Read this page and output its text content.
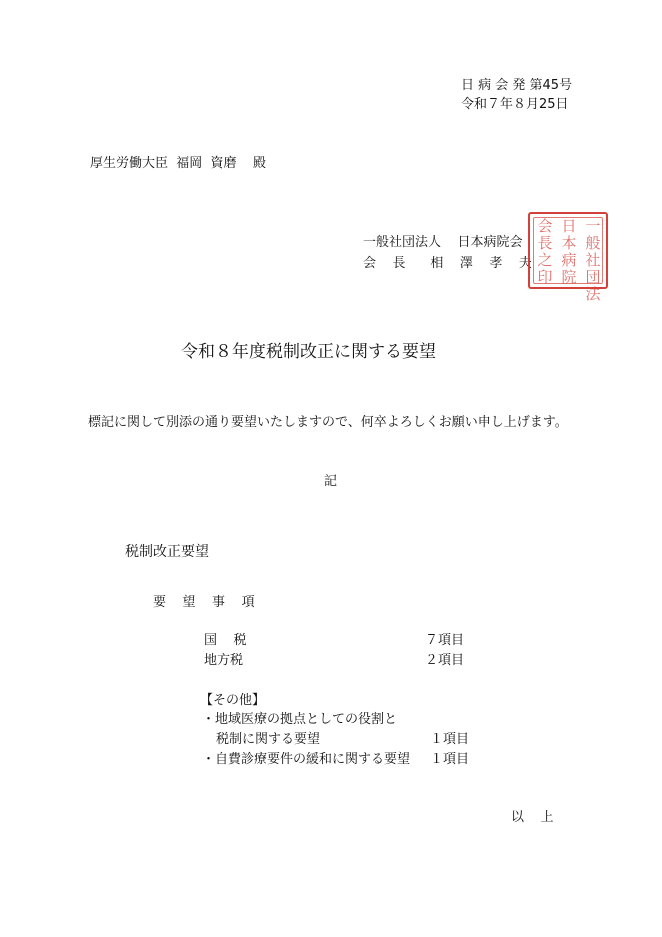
日 病 会 発 第45号
令和７年８月25日
厚生労働大臣  福岡  資磨    殿
一般社団法人    日本病院会
会    長      相    澤    孝    夫
一般社団法
日本病院
会長之印
令和８年度税制改正に関する要望
標記に関して別添の通り要望いたしますので、何卒よろしくお願い申し上げます。
記
税制改正要望
要    望    事    項
国    税	７項目
地方税	２項目
【その他】
・地域医療の拠点としての役割と
税制に関する要望	１項目
・自費診療要件の緩和に関する要望 １項目
以    上
